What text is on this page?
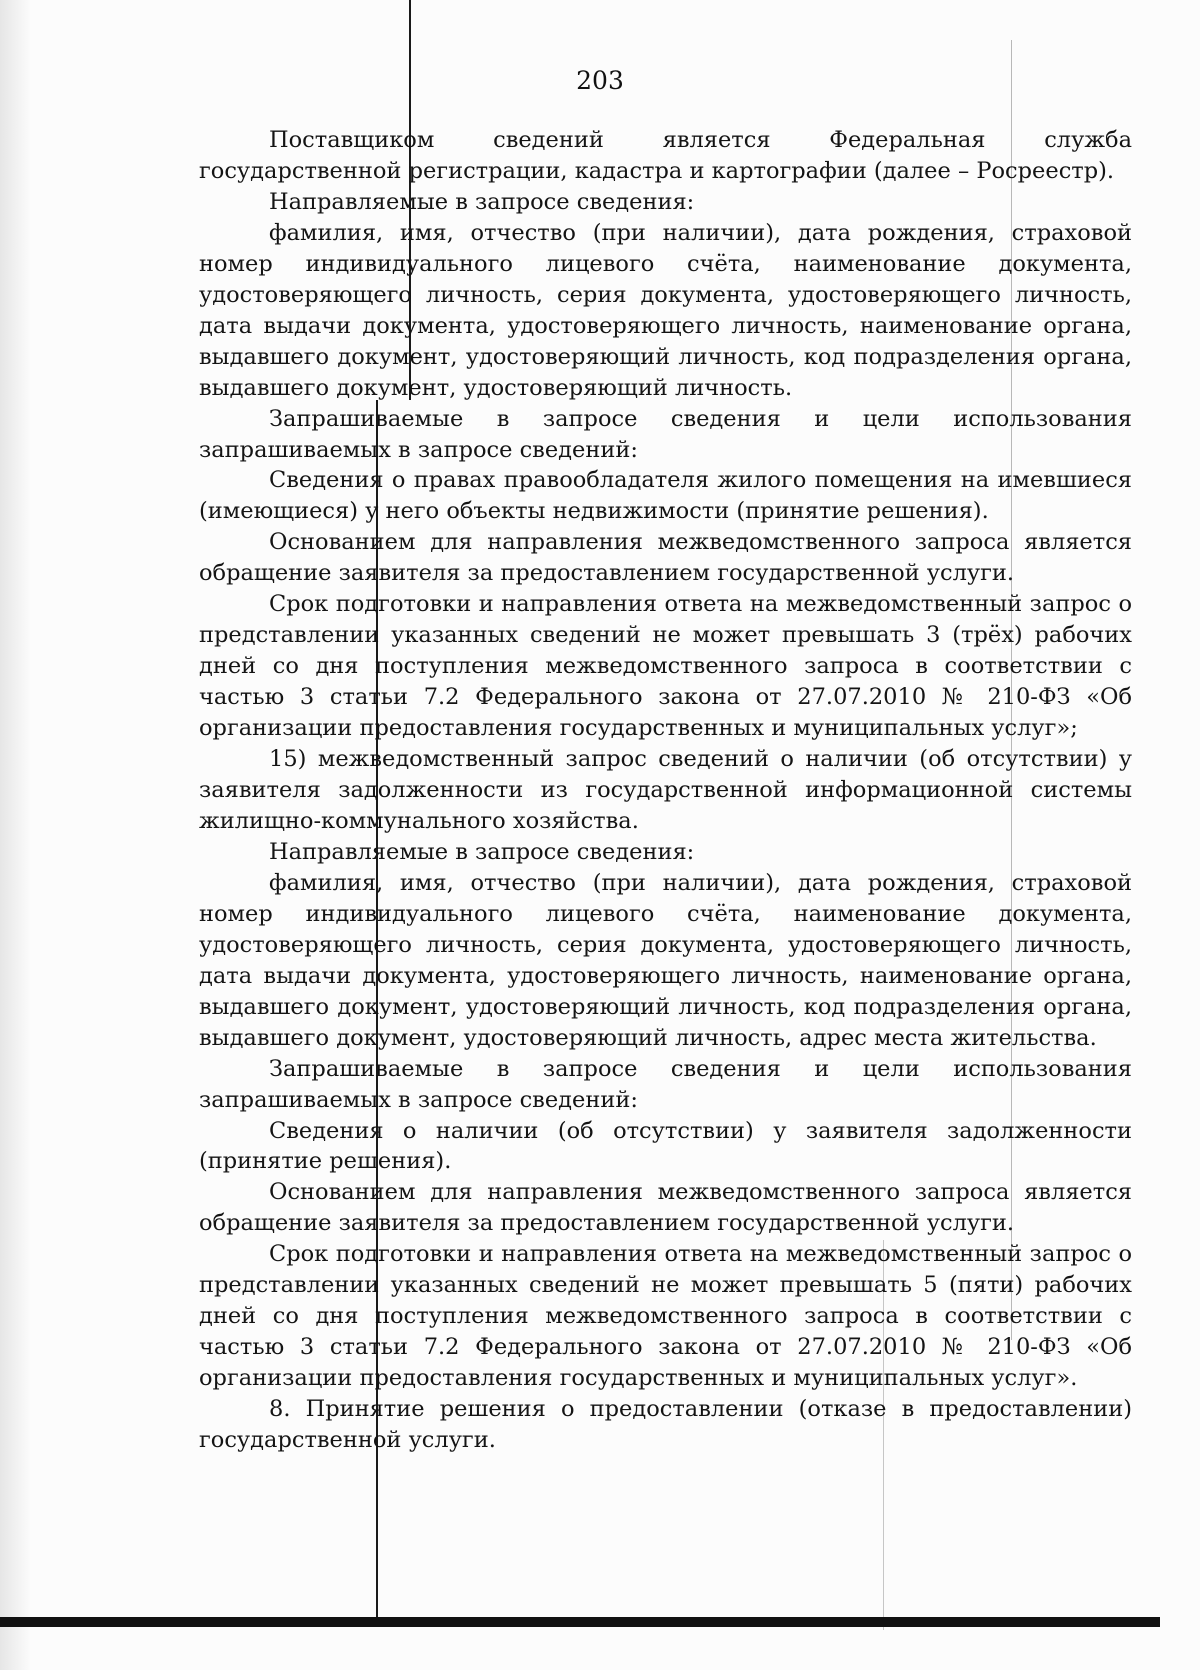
203

Поставщиком сведений является Федеральная служба государственной регистрации, кадастра и картографии (далее – Росреестр).

Направляемые в запросе сведения:

фамилия, имя, отчество (при наличии), дата рождения, страховой номер индивидуального лицевого счёта, наименование документа, удостоверяющего личность, серия документа, удостоверяющего личность, дата выдачи документа, удостоверяющего личность, наименование органа, выдавшего документ, удостоверяющий личность, код подразделения органа, выдавшего документ, удостоверяющий личность.

Запрашиваемые в запросе сведения и цели использования запрашиваемых в запросе сведений:

Сведения о правах правообладателя жилого помещения на имевшиеся (имеющиеся) у него объекты недвижимости (принятие решения).

Основанием для направления межведомственного запроса является обращение заявителя за предоставлением государственной услуги.

Срок подготовки и направления ответа на межведомственный запрос о представлении указанных сведений не может превышать 3 (трёх) рабочих дней со дня поступления межведомственного запроса в соответствии с частью 3 статьи 7.2 Федерального закона от 27.07.2010 № 210-ФЗ «Об организации предоставления государственных и муниципальных услуг»;

15) межведомственный запрос сведений о наличии (об отсутствии) у заявителя задолженности из государственной информационной системы жилищно-коммунального хозяйства.

Направляемые в запросе сведения:

фамилия, имя, отчество (при наличии), дата рождения, страховой номер индивидуального лицевого счёта, наименование документа, удостоверяющего личность, серия документа, удостоверяющего личность, дата выдачи документа, удостоверяющего личность, наименование органа, выдавшего документ, удостоверяющий личность, код подразделения органа, выдавшего документ, удостоверяющий личность, адрес места жительства.

Запрашиваемые в запросе сведения и цели использования запрашиваемых в запросе сведений:

Сведения о наличии (об отсутствии) у заявителя задолженности (принятие решения).

Основанием для направления межведомственного запроса является обращение заявителя за предоставлением государственной услуги.

Срок подготовки и направления ответа на межведомственный запрос о представлении указанных сведений не может превышать 5 (пяти) рабочих дней со дня поступления межведомственного запроса в соответствии с частью 3 статьи 7.2 Федерального закона от 27.07.2010 № 210-ФЗ «Об организации предоставления государственных и муниципальных услуг».

8. Принятие решения о предоставлении (отказе в предоставлении) государственной услуги.
